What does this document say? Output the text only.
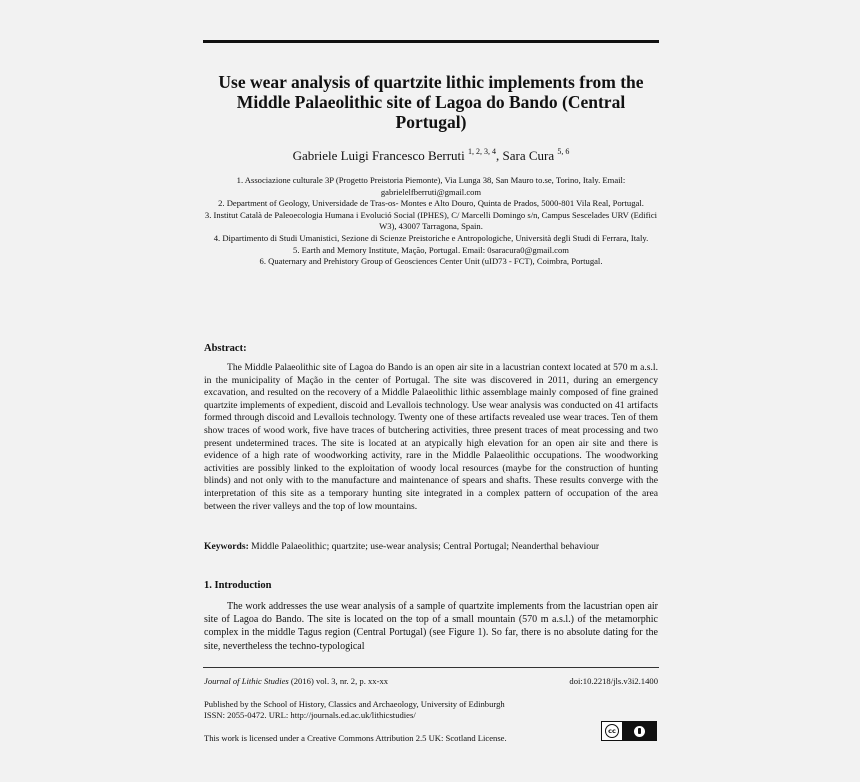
Use wear analysis of quartzite lithic implements from the Middle Palaeolithic site of Lagoa do Bando (Central Portugal)
Gabriele Luigi Francesco Berruti $^{1, 2, 3, 4}$, Sara Cura $^{5, 6}$
1. Associazione culturale 3P (Progetto Preistoria Piemonte), Via Lunga 38, San Mauro to.se, Torino, Italy. Email: gabrielelfberruti@gmail.com
2. Department of Geology, Universidade de Tras-os- Montes e Alto Douro, Quinta de Prados, 5000-801 Vila Real, Portugal.
3. Institut Català de Paleoecologia Humana i Evolució Social (IPHES), C/ Marcelli Domingo s/n, Campus Sescelades URV (Edifici W3), 43007 Tarragona, Spain.
4. Dipartimento di Studi Umanistici, Sezione di Scienze Preistoriche e Antropologiche, Università degli Studi di Ferrara, Italy.
5. Earth and Memory Institute, Mação, Portugal. Email: 0saracura0@gmail.com
6. Quaternary and Prehistory Group of Geosciences Center Unit (uID73 - FCT), Coimbra, Portugal.
Abstract:
The Middle Palaeolithic site of Lagoa do Bando is an open air site in a lacustrian context located at 570 m a.s.l. in the municipality of Mação in the center of Portugal. The site was discovered in 2011, during an emergency excavation, and resulted on the recovery of a Middle Palaeolithic lithic assemblage mainly composed of fine grained quartzite implements of expedient, discoid and Levallois technology. Use wear analysis was conducted on 41 artifacts formed through discoid and Levallois technology. Twenty one of these artifacts revealed use wear traces. Ten of them show traces of wood work, five have traces of butchering activities, three present traces of meat processing and two present undetermined traces. The site is located at an atypically high elevation for an open air site and there is evidence of a high rate of woodworking activity, rare in the Middle Palaeolithic occupations. The woodworking activities are possibly linked to the exploitation of woody local resources (maybe for the construction of hunting blinds) and not only with to the manufacture and maintenance of spears and shafts. These results converge with the interpretation of this site as a temporary hunting site integrated in a complex pattern of occupation of the area between the river valleys and the top of low mountains.
Keywords: Middle Palaeolithic; quartzite; use-wear analysis; Central Portugal; Neanderthal behaviour
1. Introduction
The work addresses the use wear analysis of a sample of quartzite implements from the lacustrian open air site of Lagoa do Bando. The site is located on the top of a small mountain (570 m a.s.l.) of the metamorphic complex in the middle Tagus region (Central Portugal) (see Figure 1). So far, there is no absolute dating for the site, nevertheless the techno-typological
Journal of Lithic Studies (2016) vol. 3, nr. 2, p. xx-xx	doi:10.2218/jls.v3i2.1400
Published by the School of History, Classics and Archaeology, University of Edinburgh
ISSN: 2055-0472. URL: http://journals.ed.ac.uk/lithicstudies/
This work is licensed under a Creative Commons Attribution 2.5 UK: Scotland License.
cc
